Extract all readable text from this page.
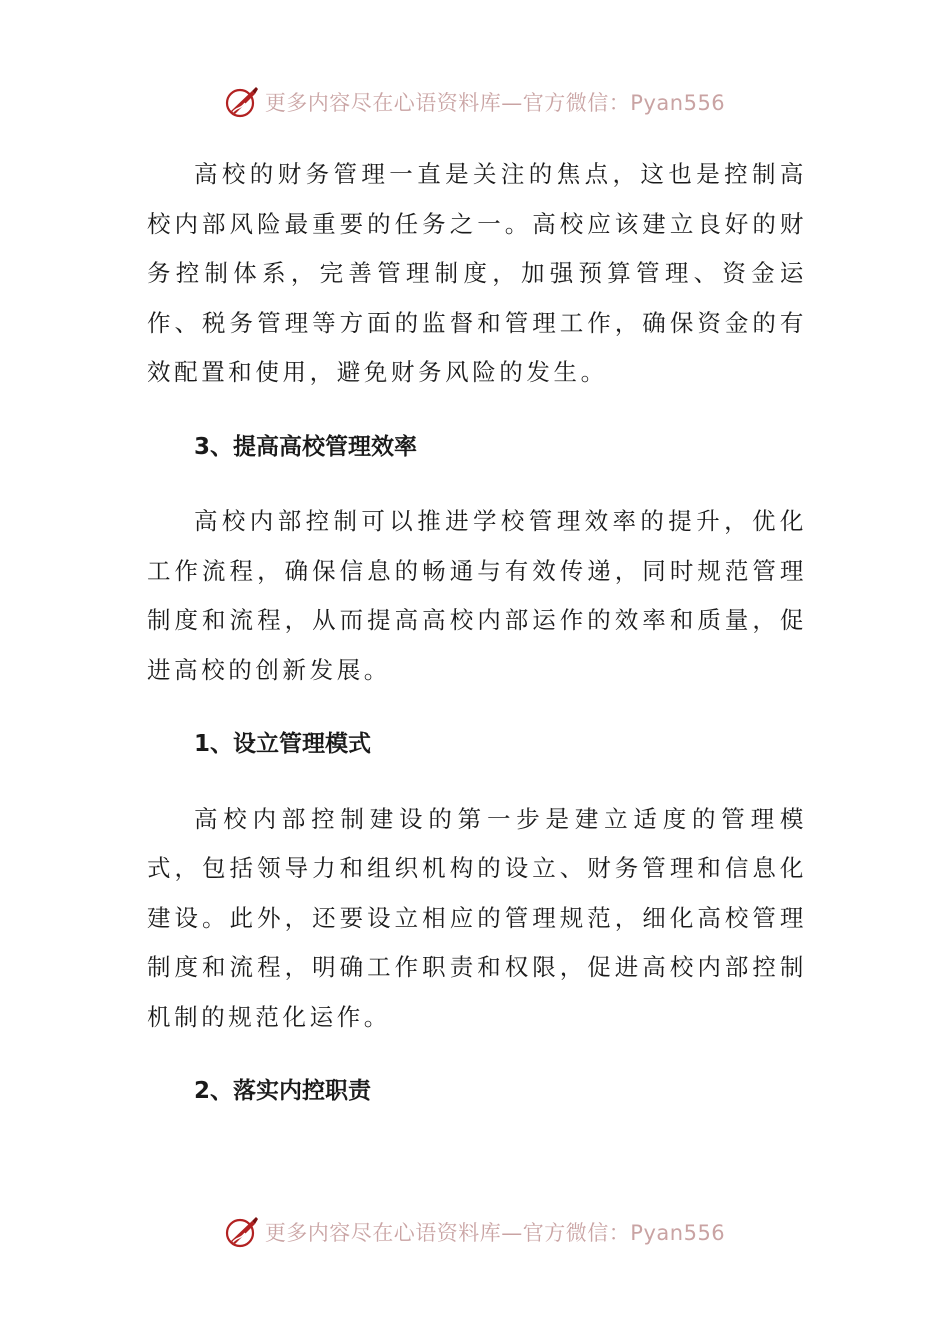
更多内容尽在心语资料库—官方微信：Pyan556

高校的财务管理一直是关注的焦点，这也是控制高校内部风险最重要的任务之一。高校应该建立良好的财务控制体系，完善管理制度，加强预算管理、资金运作、税务管理等方面的监督和管理工作，确保资金的有效配置和使用，避免财务风险的发生。

3、提高高校管理效率

高校内部控制可以推进学校管理效率的提升，优化工作流程，确保信息的畅通与有效传递，同时规范管理制度和流程，从而提高高校内部运作的效率和质量，促进高校的创新发展。

1、设立管理模式

高校内部控制建设的第一步是建立适度的管理模式，包括领导力和组织机构的设立、财务管理和信息化建设。此外，还要设立相应的管理规范，细化高校管理制度和流程，明确工作职责和权限，促进高校内部控制机制的规范化运作。

2、落实内控职责

更多内容尽在心语资料库—官方微信：Pyan556
